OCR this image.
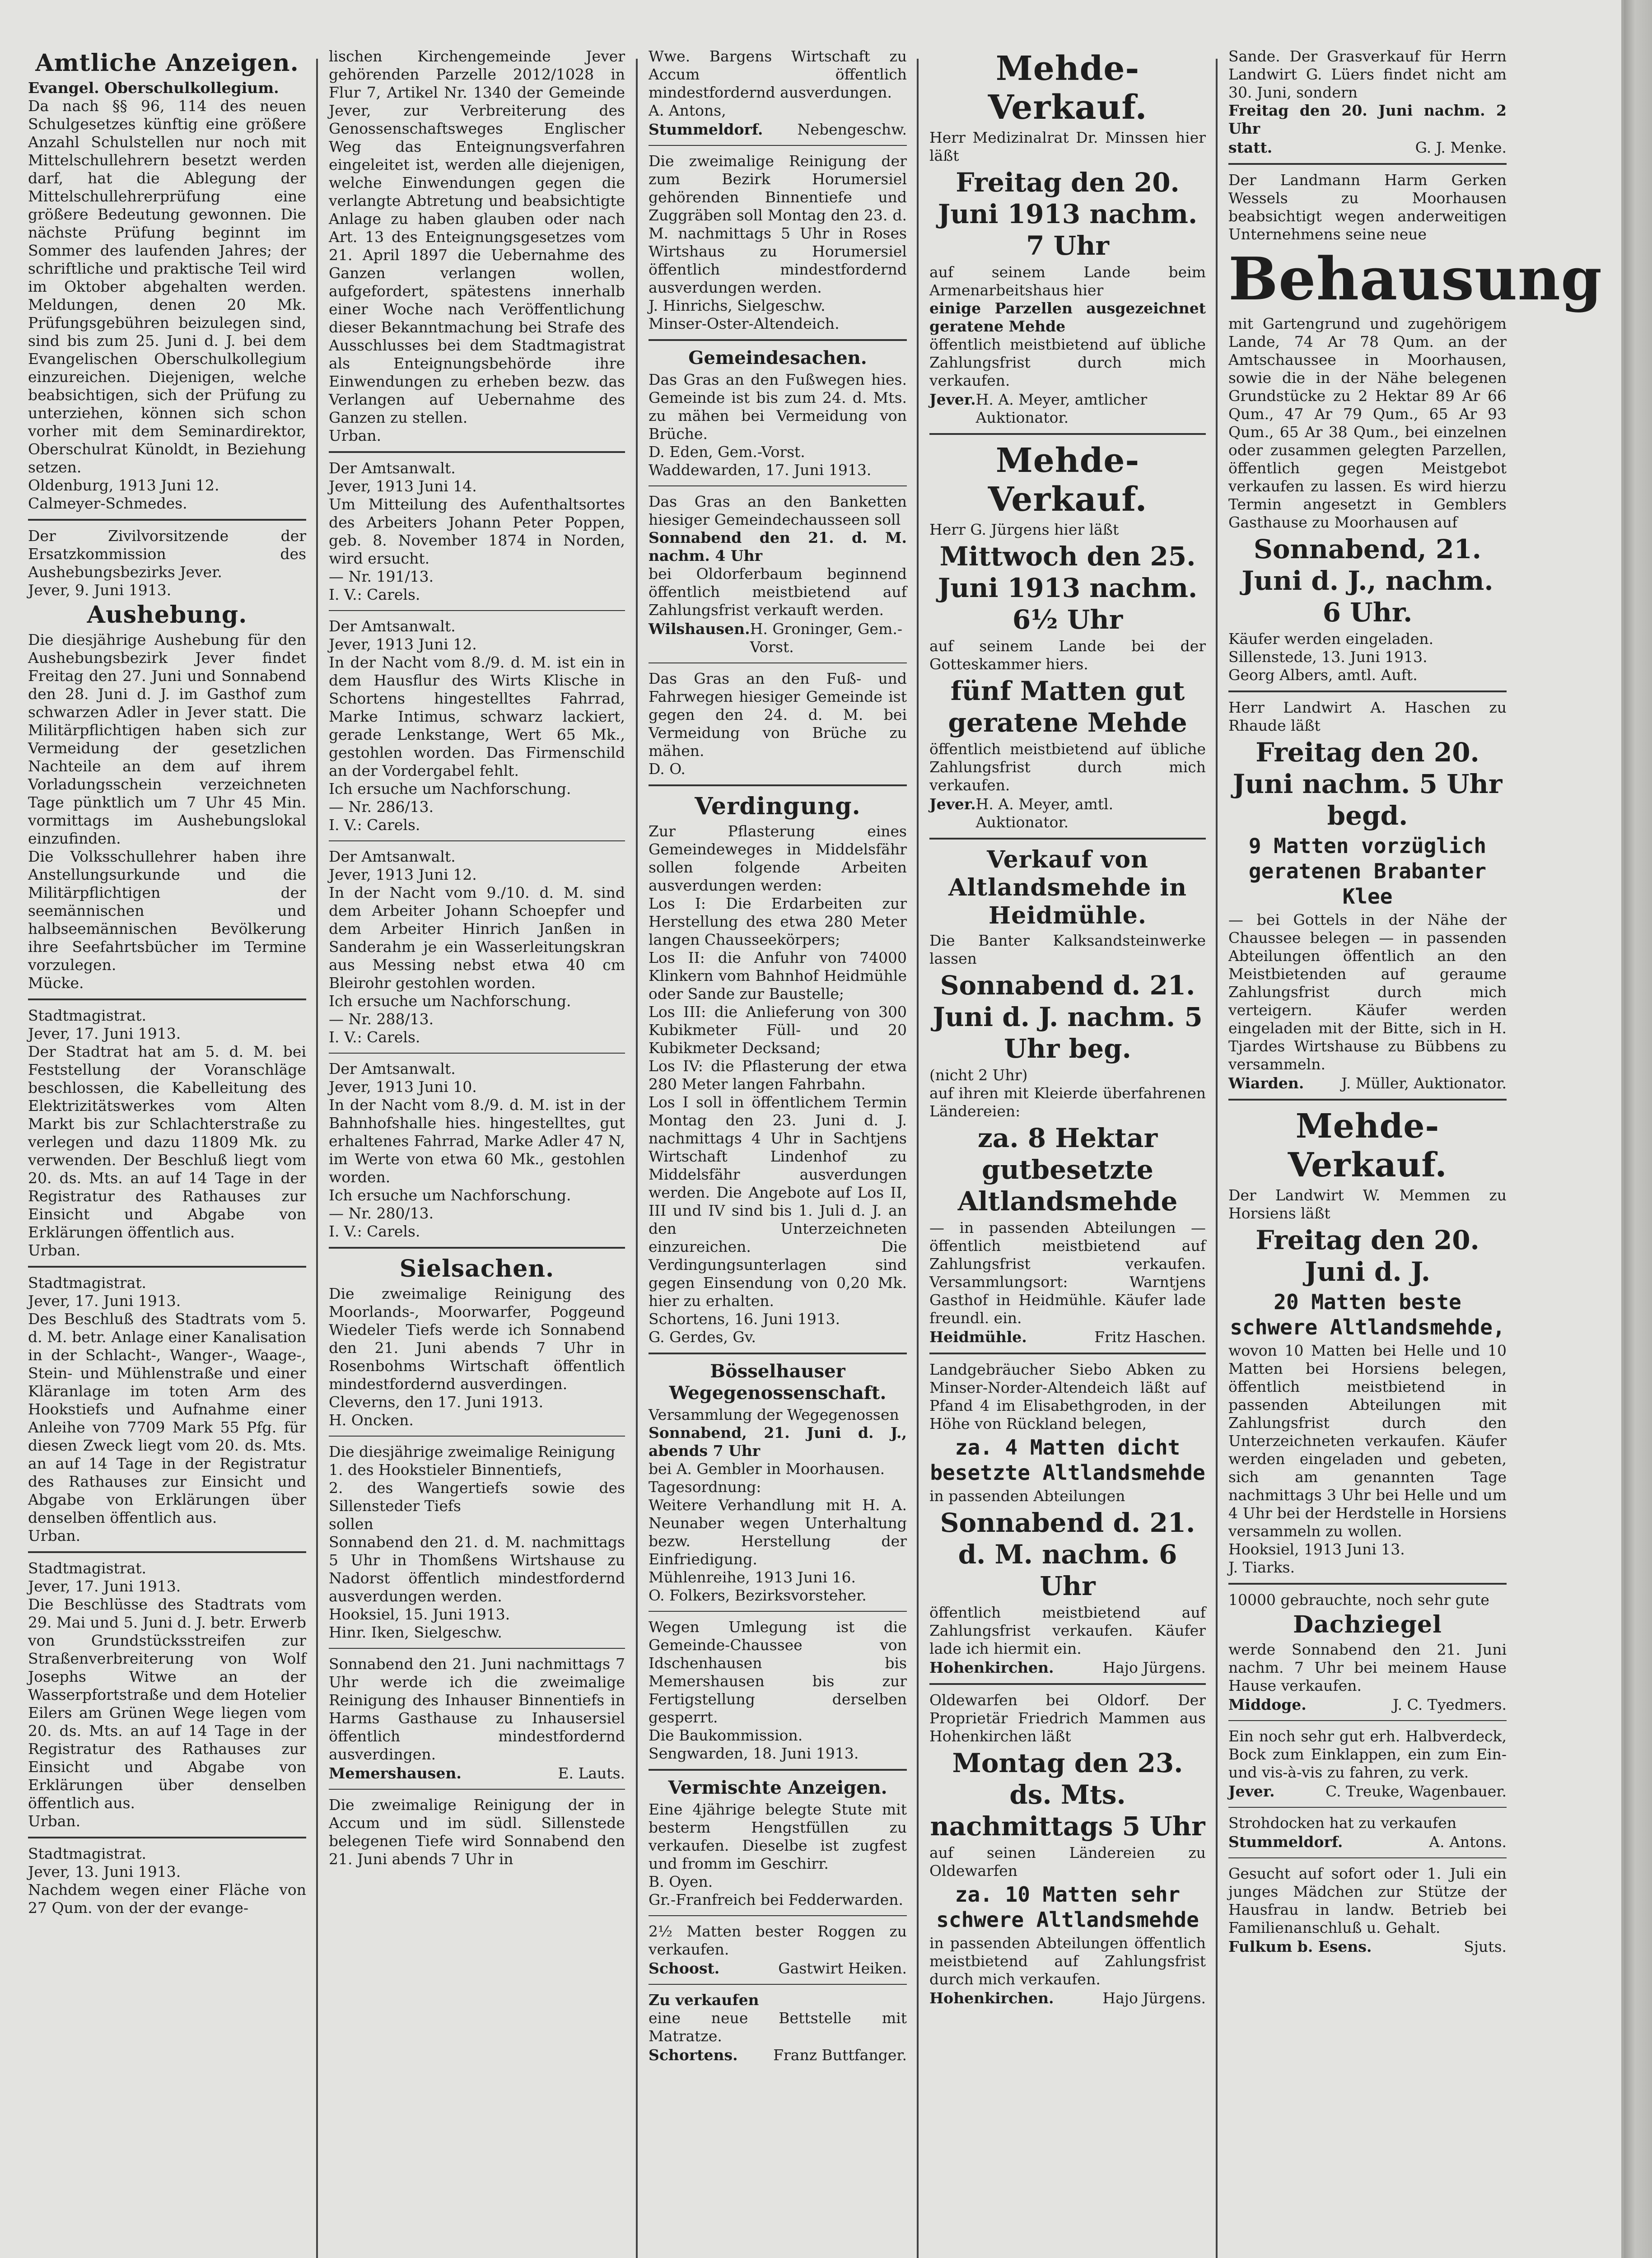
Amtliche Anzeigen.

Evangel. Oberschulkollegium.

Da nach §§ 96, 114 des neuen Schulgesetzes künftig eine größere Anzahl Schulstellen nur noch mit Mittelschullehrern besetzt werden darf, hat die Ablegung der Mittelschullehrerprüfung eine größere Bedeutung gewonnen. Die nächste Prüfung beginnt im Sommer des laufenden Jahres; der schriftliche und praktische Teil wird im Oktober abgehalten werden. Meldungen, denen 20 Mk. Prüfungsgebühren beizulegen sind, sind bis zum 25. Juni d. J. bei dem Evangelischen Oberschulkollegium einzureichen. Diejenigen, welche beabsichtigen, sich der Prüfung zu unterziehen, können sich schon vorher mit dem Seminardirektor, Oberschulrat Künoldt, in Beziehung setzen.

Oldenburg, 1913 Juni 12.

Calmeyer-Schmedes.

Der Zivilvorsitzende der Ersatzkommission des Aushebungsbezirks Jever.

Jever, 9. Juni 1913.

Aushebung.

Die diesjährige Aushebung für den Aushebungsbezirk Jever findet Freitag den 27. Juni und Sonnabend den 28. Juni d. J. im Gasthof zum schwarzen Adler in Jever statt. Die Militärpflichtigen haben sich zur Vermeidung der gesetzlichen Nachteile an dem auf ihrem Vorladungsschein verzeichneten Tage pünktlich um 7 Uhr 45 Min. vormittags im Aushebungslokal einzufinden.

Die Volksschullehrer haben ihre Anstellungsurkunde und die Militärpflichtigen der seemännischen und halbseemännischen Bevölkerung ihre Seefahrtsbücher im Termine vorzulegen.

Mücke.

Stadtmagistrat.

Jever, 17. Juni 1913.

Der Stadtrat hat am 5. d. M. bei Feststellung der Voranschläge beschlossen, die Kabelleitung des Elektrizitätswerkes vom Alten Markt bis zur Schlachterstraße zu verlegen und dazu 11809 Mk. zu verwenden. Der Beschluß liegt vom 20. ds. Mts. an auf 14 Tage in der Registratur des Rathauses zur Einsicht und Abgabe von Erklärungen öffentlich aus.

Urban.

Stadtmagistrat.

Jever, 17. Juni 1913.

Des Beschluß des Stadtrats vom 5. d. M. betr. Anlage einer Kanalisation in der Schlacht-, Wanger-, Waage-, Stein- und Mühlenstraße und einer Kläranlage im toten Arm des Hookstiefs und Aufnahme einer Anleihe von 7709 Mark 55 Pfg. für diesen Zweck liegt vom 20. ds. Mts. an auf 14 Tage in der Registratur des Rathauses zur Einsicht und Abgabe von Erklärungen über denselben öffentlich aus.

Urban.

Stadtmagistrat.

Jever, 17. Juni 1913.

Die Beschlüsse des Stadtrats vom 29. Mai und 5. Juni d. J. betr. Erwerb von Grundstücksstreifen zur Straßenverbreiterung von Wolf Josephs Witwe an der Wasserpfortstraße und dem Hotelier Eilers am Grünen Wege liegen vom 20. ds. Mts. an auf 14 Tage in der Registratur des Rathauses zur Einsicht und Abgabe von Erklärungen über denselben öffentlich aus.

Urban.

Stadtmagistrat.

Jever, 13. Juni 1913.

Nachdem wegen einer Fläche von 27 Qum. von der der evange-

lischen Kirchengemeinde Jever gehörenden Parzelle 2012/1028 in Flur 7, Artikel Nr. 1340 der Gemeinde Jever, zur Verbreiterung des Genossenschaftsweges Englischer Weg das Enteignungsverfahren eingeleitet ist, werden alle diejenigen, welche Einwendungen gegen die verlangte Abtretung und beabsichtigte Anlage zu haben glauben oder nach Art. 13 des Enteignungsgesetzes vom 21. April 1897 die Uebernahme des Ganzen verlangen wollen, aufgefordert, spätestens innerhalb einer Woche nach Veröffentlichung dieser Bekanntmachung bei Strafe des Ausschlusses bei dem Stadtmagistrat als Enteignungsbehörde ihre Einwendungen zu erheben bezw. das Verlangen auf Uebernahme des Ganzen zu stellen.

Urban.

Der Amtsanwalt.

Jever, 1913 Juni 14.

Um Mitteilung des Aufenthaltsortes des Arbeiters Johann Peter Poppen, geb. 8. November 1874 in Norden, wird ersucht.

— Nr. 191/13.

I. V.: Carels.

Der Amtsanwalt.

Jever, 1913 Juni 12.

In der Nacht vom 8./9. d. M. ist ein in dem Hausflur des Wirts Klische in Schortens hingestelltes Fahrrad, Marke Intimus, schwarz lackiert, gerade Lenkstange, Wert 65 Mk., gestohlen worden. Das Firmenschild an der Vordergabel fehlt.

Ich ersuche um Nachforschung.

— Nr. 286/13.

I. V.: Carels.

Der Amtsanwalt.

Jever, 1913 Juni 12.

In der Nacht vom 9./10. d. M. sind dem Arbeiter Johann Schoepfer und dem Arbeiter Hinrich Janßen in Sanderahm je ein Wasserleitungskran aus Messing nebst etwa 40 cm Bleirohr gestohlen worden.

Ich ersuche um Nachforschung.

— Nr. 288/13.

I. V.: Carels.

Der Amtsanwalt.

Jever, 1913 Juni 10.

In der Nacht vom 8./9. d. M. ist in der Bahnhofshalle hies. hingestelltes, gut erhaltenes Fahrrad, Marke Adler 47 N, im Werte von etwa 60 Mk., gestohlen worden.

Ich ersuche um Nachforschung.

— Nr. 280/13.

I. V.: Carels.

Sielsachen.

Die zweimalige Reinigung des Moorlands-, Moorwarfer, Poggeund Wiedeler Tiefs werde ich Sonnabend den 21. Juni abends 7 Uhr in Rosenbohms Wirtschaft öffentlich mindestfordernd ausverdingen.

Cleverns, den 17. Juni 1913.

H. Oncken.

Die diesjährige zweimalige Reinigung

1. des Hookstieler Binnentiefs,

2. des Wangertiefs sowie des Sillensteder Tiefs

sollen

Sonnabend den 21. d. M. nachmittags 5 Uhr in Thomßens Wirtshause zu Nadorst öffentlich mindestfordernd ausverdungen werden.

Hooksiel, 15. Juni 1913.

Hinr. Iken, Sielgeschw.

Sonnabend den 21. Juni nachmittags 7 Uhr werde ich die zweimalige Reinigung des Inhauser Binnentiefs in Harms Gasthause zu Inhausersiel öffentlich mindestfordernd ausverdingen.

Memershausen.	E. Lauts.

Die zweimalige Reinigung der in Accum und im südl. Sillenstede belegenen Tiefe wird Sonnabend den 21. Juni abends 7 Uhr in

Wwe. Bargens Wirtschaft zu Accum öffentlich mindestfordernd ausverdungen.

A. Antons,

Stummeldorf. Nebengeschw.

Die zweimalige Reinigung der zum Bezirk Horumersiel gehörenden Binnentiefe und Zuggräben soll Montag den 23. d. M. nachmittags 5 Uhr in Roses Wirtshaus zu Horumersiel öffentlich mindestfordernd ausverdungen werden.

J. Hinrichs, Sielgeschw.

Minser-Oster-Altendeich.

Gemeindesachen.

Das Gras an den Fußwegen hies. Gemeinde ist bis zum 24. d. Mts. zu mähen bei Vermeidung von Brüche.

D. Eden, Gem.-Vorst.

Waddewarden, 17. Juni 1913.

Das Gras an den Banketten hiesiger Gemeindechausseen soll

Sonnabend den 21. d. M. nachm. 4 Uhr

bei Oldorferbaum beginnend öffentlich meistbietend auf Zahlungsfrist verkauft werden.

Wilshausen. H. Groninger, Gem.-Vorst.

Das Gras an den Fuß- und Fahrwegen hiesiger Gemeinde ist gegen den 24. d. M. bei Vermeidung von Brüche zu mähen.

D. O.

Verdingung.

Zur Pflasterung eines Gemeindeweges in Middelsfähr sollen folgende Arbeiten ausverdungen werden:

Los I: Die Erdarbeiten zur Herstellung des etwa 280 Meter langen Chausseekörpers;

Los II: die Anfuhr von 74000 Klinkern vom Bahnhof Heidmühle oder Sande zur Baustelle;

Los III: die Anlieferung von 300 Kubikmeter Füll- und 20 Kubikmeter Decksand;

Los IV: die Pflasterung der etwa 280 Meter langen Fahrbahn.

Los I soll in öffentlichem Termin Montag den 23. Juni d. J. nachmittags 4 Uhr in Sachtjens Wirtschaft Lindenhof zu Middelsfähr ausverdungen werden. Die Angebote auf Los II, III und IV sind bis 1. Juli d. J. an den Unterzeichneten einzureichen. Die Verdingungsunterlagen sind gegen Einsendung von 0,20 Mk. hier zu erhalten.

Schortens, 16. Juni 1913.

G. Gerdes, Gv.

Bösselhauser Wegegenossenschaft.

Versammlung der Wegegenossen

Sonnabend, 21. Juni d. J., abends 7 Uhr

bei A. Gembler in Moorhausen.

Tagesordnung:

Weitere Verhandlung mit H. A. Neunaber wegen Unterhaltung bezw. Herstellung der Einfriedigung.

Mühlenreihe, 1913 Juni 16.

O. Folkers, Bezirksvorsteher.

Wegen Umlegung ist die Gemeinde-Chaussee von Idschenhausen bis Memershausen bis zur Fertigstellung derselben gesperrt.

Die Baukommission.

Sengwarden, 18. Juni 1913.

Vermischte Anzeigen.

Eine 4jährige belegte Stute mit besterm Hengstfüllen zu verkaufen. Dieselbe ist zugfest und fromm im Geschirr.

B. Oyen.

Gr.-Franfreich bei Fedderwarden.

2½ Matten bester Roggen zu verkaufen.

Schoost.	Gastwirt Heiken.

Zu verkaufen

eine neue Bettstelle mit Matratze.

Schortens. Franz Buttfanger.
Mehde-Verkauf.

Herr Medizinalrat Dr. Minssen hier läßt

Freitag den 20. Juni 1913 nachm. 7 Uhr

auf seinem Lande beim Armenarbeitshaus hier

einige Parzellen ausgezeichnet geratene Mehde

öffentlich meistbietend auf übliche Zahlungsfrist durch mich verkaufen.

Jever. H. A. Meyer, amtlicher Auktionator.
Mehde-Verkauf.

Herr G. Jürgens hier läßt

Mittwoch den 25. Juni 1913 nachm. 6½ Uhr

auf seinem Lande bei der Gotteskammer hiers.

fünf Matten gut geratene Mehde

öffentlich meistbietend auf übliche Zahlungsfrist durch mich verkaufen.

Jever. H. A. Meyer, amtl. Auktionator.
Verkauf von Altlandsmehde in Heidmühle.

Die Banter Kalksandsteinwerke lassen

Sonnabend d. 21. Juni d. J. nachm. 5 Uhr beg.

(nicht 2 Uhr)

auf ihren mit Kleierde überfahrenen Ländereien:

za. 8 Hektar gutbesetzte Altlandsmehde

— in passenden Abteilungen — öffentlich meistbietend auf Zahlungsfrist verkaufen. Versammlungsort: Warntjens Gasthof in Heidmühle. Käufer lade freundl. ein.

Heidmühle.	Fritz Haschen.

Landgebräucher Siebo Abken zu Minser-Norder-Altendeich läßt auf Pfand 4 im Elisabethgroden, in der Höhe von Rückland belegen,

za. 4 Matten dicht besetzte Altlandsmehde

in passenden Abteilungen

Sonnabend d. 21. d. M. nachm. 6 Uhr

öffentlich meistbietend auf Zahlungsfrist verkaufen. Käufer lade ich hiermit ein.

Hohenkirchen.	Hajo Jürgens.

Oldewarfen bei Oldorf. Der Proprietär Friedrich Mammen aus Hohenkirchen läßt

Montag den 23. ds. Mts. nachmittags 5 Uhr

auf seinen Ländereien zu Oldewarfen

za. 10 Matten sehr schwere Altlandsmehde

in passenden Abteilungen öffentlich meistbietend auf Zahlungsfrist durch mich verkaufen.

Hohenkirchen.	Hajo Jürgens.

Sande. Der Grasverkauf für Herrn Landwirt G. Lüers findet nicht am 30. Juni, sondern

Freitag den 20. Juni nachm. 2 Uhr

statt.	G. J. Menke.

Der Landmann Harm Gerken Wessels zu Moorhausen beabsichtigt wegen anderweitigen Unternehmens seine neue

Behausung

mit Gartengrund und zugehörigem Lande, 74 Ar 78 Qum. an der Amtschaussee in Moorhausen, sowie die in der Nähe belegenen Grundstücke zu 2 Hektar 89 Ar 66 Qum., 47 Ar 79 Qum., 65 Ar 93 Qum., 65 Ar 38 Qum., bei einzelnen oder zusammen gelegten Parzellen, öffentlich gegen Meistgebot verkaufen zu lassen. Es wird hierzu Termin angesetzt in Gemblers Gasthause zu Moorhausen auf

Sonnabend, 21. Juni d. J., nachm. 6 Uhr.

Käufer werden eingeladen.

Sillenstede, 13. Juni 1913.

Georg Albers, amtl. Auft.

Herr Landwirt A. Haschen zu Rhaude läßt

Freitag den 20. Juni nachm. 5 Uhr begd.
9 Matten vorzüglich geratenen Brabanter Klee

— bei Gottels in der Nähe der Chaussee belegen — in passenden Abteilungen öffentlich an den Meistbietenden auf geraume Zahlungsfrist durch mich verteigern. Käufer werden eingeladen mit der Bitte, sich in H. Tjardes Wirtshause zu Bübbens zu versammeln.

Wiarden.	J. Müller, Auktionator.
Mehde-Verkauf.

Der Landwirt W. Memmen zu Horsiens läßt

Freitag den 20. Juni d. J.
20 Matten beste schwere Altlandsmehde,

wovon 10 Matten bei Helle und 10 Matten bei Horsiens belegen, öffentlich meistbietend in passenden Abteilungen mit Zahlungsfrist durch den Unterzeichneten verkaufen. Käufer werden eingeladen und gebeten, sich am genannten Tage nachmittags 3 Uhr bei Helle und um 4 Uhr bei der Herdstelle in Horsiens versammeln zu wollen.

Hooksiel, 1913 Juni 13.

J. Tiarks.

10000 gebrauchte, noch sehr gute

Dachziegel

werde Sonnabend den 21. Juni nachm. 7 Uhr bei meinem Hause Hause verkaufen.

Middoge.	J. C. Tyedmers.

Ein noch sehr gut erh. Halbverdeck, Bock zum Einklappen, ein zum Ein- und vis-à-vis zu fahren, zu verk.

Jever.	C. Treuke, Wagenbauer.

Strohdocken hat zu verkaufen

Stummeldorf.	A. Antons.

Gesucht auf sofort oder 1. Juli ein junges Mädchen zur Stütze der Hausfrau in landw. Betrieb bei Familienanschluß u. Gehalt.

Fulkum b. Esens.	Sjuts.
